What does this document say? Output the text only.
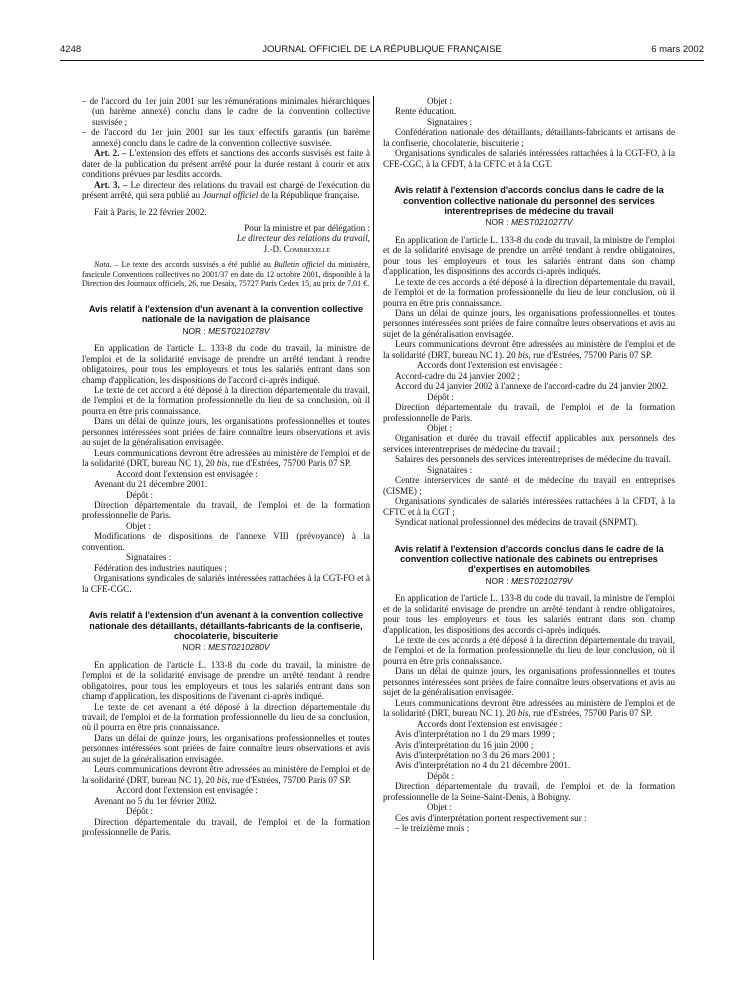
4248	JOURNAL OFFICIEL DE LA RÉPUBLIQUE FRANÇAISE	6 mars 2002

– de l'accord du 1er juin 2001 sur les rémunérations minimales hiérarchiques (un barème annexé) conclu dans le cadre de la convention collective susvisée ;

– de l'accord du 1er juin 2001 sur les taux effectifs garantis (un barème annexé) conclu dans le cadre de la convention collective susvisée.

Art. 2. – L'extension des effets et sanctions des accords susvisés est faite à dater de la publication du présent arrêté pour la durée restant à courir et aux conditions prévues par lesdits accords.

Art. 3. – Le directeur des relations du travail est chargé de l'exécution du présent arrêté, qui sera publié au Journal officiel de la République française.

Fait à Paris, le 22 février 2002.

Pour la ministre et par délégation :

Le directeur des relations du travail,

J.-D. Combrexelle

Nota. – Le texte des accords susvisés a été publié au Bulletin officiel du ministère, fascicule Conventions collectives no 2001/37 en date du 12 octobre 2001, disponible à la Direction des Journaux officiels, 26, rue Desaix, 75727 Paris Cedex 15, au prix de 7,01 €.

Avis relatif à l'extension d'un avenant à la convention collective nationale de la navigation de plaisance

NOR : MEST0210278V

En application de l'article L. 133-8 du code du travail, la ministre de l'emploi et de la solidarité envisage de prendre un arrêté tendant à rendre obligatoires, pour tous les employeurs et tous les salariés entrant dans son champ d'application, les dispositions de l'accord ci-après indiqué.

Le texte de cet accord a été déposé à la direction départementale du travail, de l'emploi et de la formation professionnelle du lieu de sa conclusion, où il pourra en être pris connaissance.

Dans un délai de quinze jours, les organisations professionnelles et toutes personnes intéressées sont priées de faire connaître leurs observations et avis au sujet de la généralisation envisagée.

Leurs communications devront être adressées au ministère de l'emploi et de la solidarité (DRT, bureau NC 1), 20 bis, rue d'Estrées, 75700 Paris 07 SP.

Accord dont l'extension est envisagée :

Avenant du 21 décembre 2001.

Dépôt :

Direction départementale du travail, de l'emploi et de la formation professionnelle de Paris.

Objet :

Modifications de dispositions de l'annexe VIII (prévoyance) à la convention.

Signataires :

Fédération des industries nautiques ;

Organisations syndicales de salariés intéressées rattachées à la CGT-FO et à la CFE-CGC.

Avis relatif à l'extension d'un avenant à la convention collective nationale des détaillants, détaillants-fabricants de la confiserie, chocolaterie, biscuiterie

NOR : MEST0210280V

En application de l'article L. 133-8 du code du travail, la ministre de l'emploi et de la solidarité envisage de prendre un arrêté tendant à rendre obligatoires, pour tous les employeurs et tous les salariés entrant dans son champ d'application, les dispositions de l'avenant ci-après indiqué.

Le texte de cet avenant a été déposé à la direction départementale du travail, de l'emploi et de la formation professionnelle du lieu de sa conclusion, où il pourra en être pris connaissance.

Dans un délai de quinze jours, les organisations professionnelles et toutes personnes intéressées sont priées de faire connaître leurs observations et avis au sujet de la généralisation envisagée.

Leurs communications devront être adressées au ministère de l'emploi et de la solidarité (DRT, bureau NC 1), 20 bis, rue d'Estrées, 75700 Paris 07 SP.

Accord dont l'extension est envisagée :

Avenant no 5 du 1er février 2002.

Dépôt :

Direction départementale du travail, de l'emploi et de la formation professionnelle de Paris.

Objet :

Rente éducation.

Signataires :

Confédération nationale des détaillants, détaillants-fabricants et artisans de la confiserie, chocolaterie, biscuiterie ;

Organisations syndicales de salariés intéressées rattachées à la CGT-FO, à la CFE-CGC, à la CFDT, à la CFTC et à la CGT.

Avis relatif à l'extension d'accords conclus dans le cadre de la convention collective nationale du personnel des services interentreprises de médecine du travail

NOR : MEST0210277V

En application de l'article L. 133-8 du code du travail, la ministre de l'emploi et de la solidarité envisage de prendre un arrêté tendant à rendre obligatoires, pour tous les employeurs et tous les salariés entrant dans son champ d'application, les dispositions des accords ci-après indiqués.

Le texte de ces accords a été déposé à la direction départementale du travail, de l'emploi et de la formation professionnelle du lieu de leur conclusion, où il pourra en être pris connaissance.

Dans un délai de quinze jours, les organisations professionnelles et toutes personnes intéressées sont priées de faire connaître leurs observations et avis au sujet de la généralisation envisagée.

Leurs communications devront être adressées au ministère de l'emploi et de la solidarité (DRT, bureau NC 1). 20 bis, rue d'Estrées, 75700 Paris 07 SP.

Accords dont l'extension est envisagée :

Accord-cadre du 24 janvier 2002 ;

Accord du 24 janvier 2002 à l'annexe de l'accord-cadre du 24 janvier 2002.

Dépôt :

Direction départementale du travail, de l'emploi et de la formation professionnelle de Paris.

Objet :

Organisation et durée du travail effectif applicables aux personnels des services interentreprises de médecine du travail ;

Salaires des personnels des services interentreprises de médecine du travail.

Signataires :

Centre interservices de santé et de médecine du travail en entreprises (CISME) ;

Organisations syndicales de salariés intéressées rattachées à la CFDT, à la CFTC et à la CGT ;

Syndicat national professionnel des médecins de travail (SNPMT).

Avis relatif à l'extension d'accords conclus dans le cadre de la convention collective nationale des cabinets ou entreprises d'expertises en automobiles

NOR : MEST0210279V

En application de l'article L. 133-8 du code du travail, la ministre de l'emploi et de la solidarité envisage de prendre un arrêté tendant à rendre obligatoires, pour tous les employeurs et tous les salariés entrant dans son champ d'application, les dispositions des accords ci-après indiqués.

Le texte de ces accords a été déposé à la direction départementale du travail, de l'emploi et de la formation professionnelle du lieu de leur conclusion, où il pourra en être pris connaissance.

Dans un délai de quinze jours, les organisations professionnelles et toutes personnes intéressées sont priées de faire connaître leurs observations et avis au sujet de la généralisation envisagée.

Leurs communications devront être adressées au ministère de l'emploi et de la solidarité (DRT, bureau NC 1). 20 bis, rue d'Estrées, 75700 Paris 07 SP.

Accords dont l'extension est envisagée :

Avis d'interprétation no 1 du 29 mars 1999 ;

Avis d'interprétation du 16 juin 2000 ;

Avis d'interprétation no 3 du 26 mars 2001 ;

Avis d'interprétation no 4 du 21 décembre 2001.

Dépôt :

Direction départementale du travail, de l'emploi et de la formation professionnelle de la Seine-Saint-Denis, à Bobigny.

Objet :

Ces avis d'interprétation portent respectivement sur :

– le treizième mois ;
